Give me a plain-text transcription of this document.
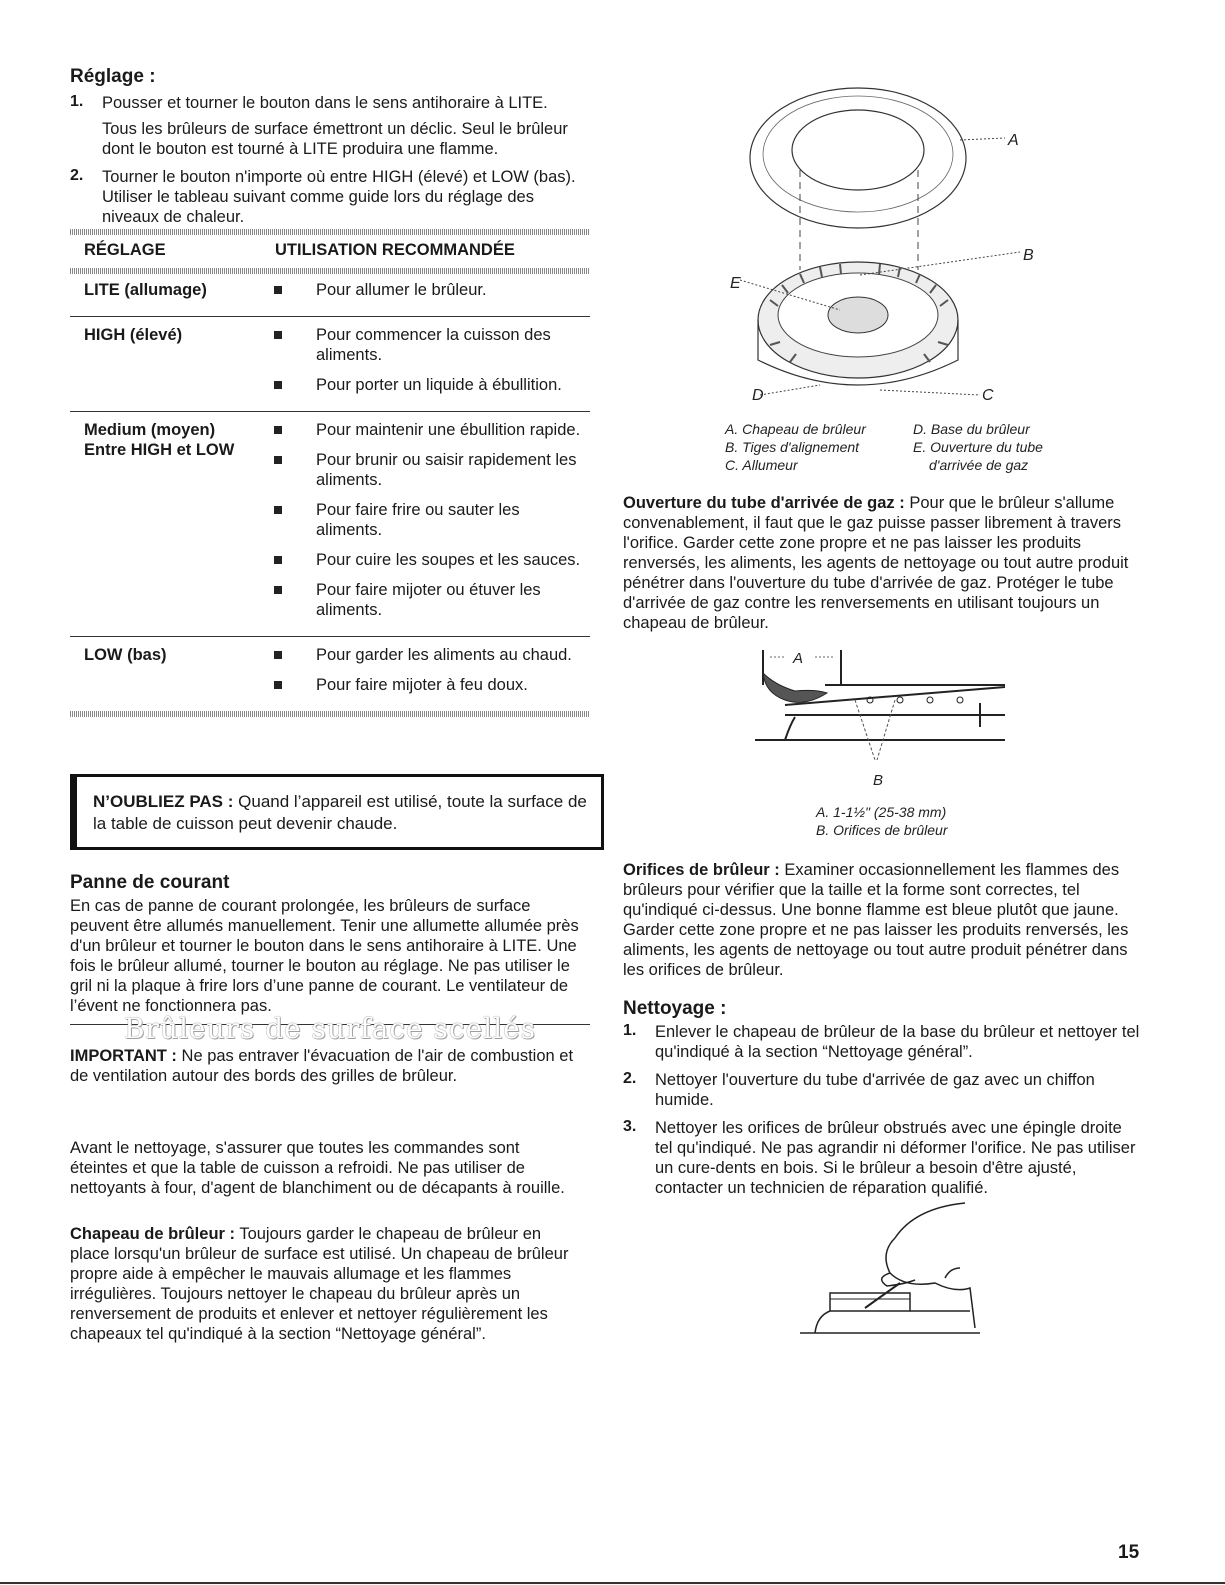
Réglage :
1. Pousser et tourner le bouton dans le sens antihoraire à LITE.

Tous les brûleurs de surface émettront un déclic. Seul le brûleur dont le bouton est tourné à LITE produira une flamme.

2. Tourner le bouton n'importe où entre HIGH (élevé) et LOW (bas). Utiliser le tableau suivant comme guide lors du réglage des niveaux de chaleur.

RÉGLAGE	UTILISATION RECOMMANDÉE
LITE (allumage)	Pour allumer le brûleur.
HIGH (élevé)	Pour commencer la cuisson des aliments.
Pour porter un liquide à ébullition.
Medium (moyen)
Entre HIGH et LOW
Pour maintenir une ébullition rapide.
Pour brunir ou saisir rapidement les aliments.
Pour faire frire ou sauter les aliments.
Pour cuire les soupes et les sauces.
Pour faire mijoter ou étuver les aliments.
LOW (bas)	Pour garder les aliments au chaud.
Pour faire mijoter à feu doux.

N’OUBLIEZ PAS : Quand l’appareil est utilisé, toute la surface de la table de cuisson peut devenir chaude.

Panne de courant

En cas de panne de courant prolongée, les brûleurs de surface peuvent être allumés manuellement. Tenir une allumette allumée près d'un brûleur et tourner le bouton dans le sens antihoraire à LITE. Une fois le brûleur allumé, tourner le bouton au réglage. Ne pas utiliser le gril ni la plaque à frire lors d’une panne de courant. Le ventilateur de l’évent ne fonctionnera pas.

Brûleurs de surface scellés

IMPORTANT : Ne pas entraver l'évacuation de l'air de combustion et de ventilation autour des bords des grilles de brûleur.

Avant le nettoyage, s'assurer que toutes les commandes sont éteintes et que la table de cuisson a refroidi. Ne pas utiliser de nettoyants à four, d'agent de blanchiment ou de décapants à rouille.

Chapeau de brûleur : Toujours garder le chapeau de brûleur en place lorsqu'un brûleur de surface est utilisé. Un chapeau de brûleur propre aide à empêcher le mauvais allumage et les flammes irrégulières. Toujours nettoyer le chapeau du brûleur après un renversement de produits et enlever et nettoyer régulièrement les chapeaux tel qu'indiqué à la section “Nettoyage général”.

A
B
E
D	C
A. Chapeau de brûleur
B. Tiges d'alignement
C. Allumeur
D. Base du brûleur
E. Ouverture du tube
d'arrivée de gaz

Ouverture du tube d'arrivée de gaz : Pour que le brûleur s'allume convenablement, il faut que le gaz puisse passer librement à travers l'orifice. Garder cette zone propre et ne pas laisser les produits renversés, les aliments, les agents de nettoyage ou tout autre produit pénétrer dans l'ouverture du tube d'arrivée de gaz. Protéger le tube d'arrivée de gaz contre les renversements en utilisant toujours un chapeau de brûleur.

A
B
A. 1-1½" (25-38 mm)
B. Orifices de brûleur

Orifices de brûleur : Examiner occasionnellement les flammes des brûleurs pour vérifier que la taille et la forme sont correctes, tel qu'indiqué ci-dessus. Une bonne flamme est bleue plutôt que jaune. Garder cette zone propre et ne pas laisser les produits renversés, les aliments, les agents de nettoyage ou tout autre produit pénétrer dans les orifices de brûleur.

Nettoyage :
1. Enlever le chapeau de brûleur de la base du brûleur et nettoyer tel qu'indiqué à la section “Nettoyage général”.

2. Nettoyer l'ouverture du tube d'arrivée de gaz avec un chiffon humide.

3. Nettoyer les orifices de brûleur obstrués avec une épingle droite tel qu'indiqué. Ne pas agrandir ni déformer l'orifice. Ne pas utiliser un cure-dents en bois. Si le brûleur a besoin d'être ajusté, contacter un technicien de réparation qualifié.

15
